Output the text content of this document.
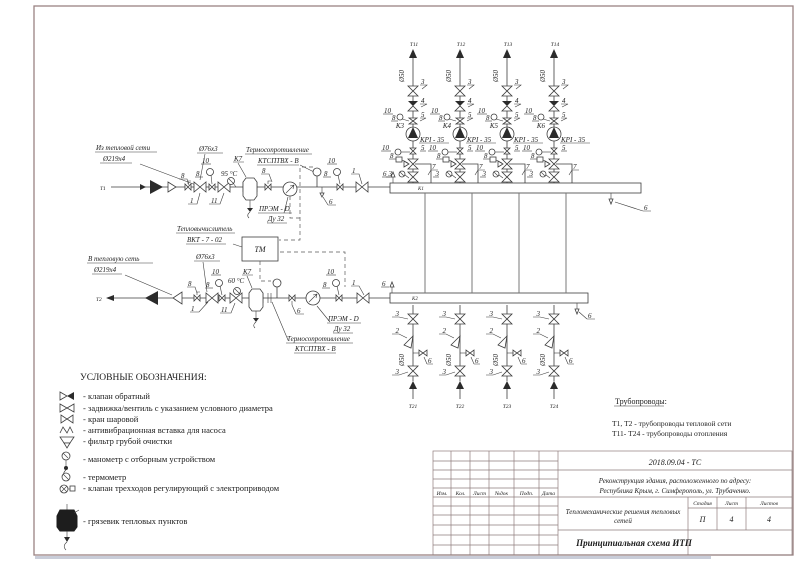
Из тепловой сети
Ø219x4
Т1
8
1
Ø76x3
10
8
11
95 °С
К7
8
ПРЭМ - D
Ду 32
Термосопротивление
КТСПТВХ - В	10
8	1
6
В тепловую сеть
Ø219x4
Т2
Ø76x3
8
1
10
8
11
60 °С
К7
Термосопротивление
КТСПТВХ - В
6
ПРЭМ - D
Ду 32
10
8	1
Тепловычислитель
ВКТ - 7 - 02
ТМ
К1
К2
6
6
6
6
Т11	Т12	Т13	Т14
К3	К4	К5	К6
Т21	Т22	Т23	Т24
УСЛОВНЫЕ ОБОЗНАЧЕНИЯ:
- клапан обратный
- задвижка/вентиль с указанием условного диаметра
- кран шаровой
- антивибрационная вставка для насоса
- фильтр грубой очистки
- манометр с отборным устройством
- термометр
- клапан трехходов регулирующий с электроприводом
- грязевик тепловых пунктов
Трубопроводы:
Т1, Т2 - трубопроводы тепловой сети
Т11- Т24 - трубопроводы отопления
Изм. Кол. Лист №док Подп. Дата
2018.09.04 - ТС
Реконструкция здания, расположенного по адресу:
Республика Крым, г. Симферополь, ул. Трубаченко.
Тепломеханические решения тепловых
сетей
Стадия Лист	Листов
П	4	4
Принципиальная схема ИТП
